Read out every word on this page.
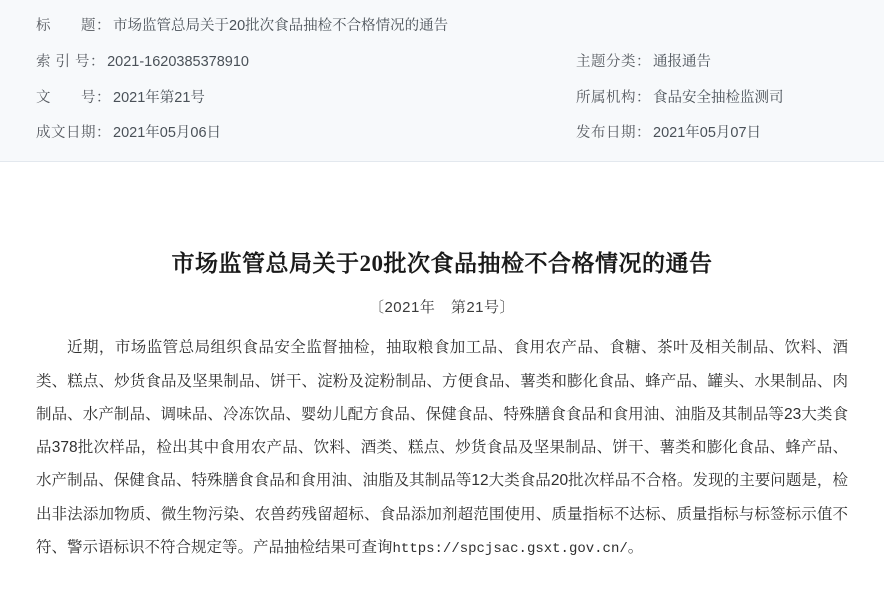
标　　题： 市场监管总局关于20批次食品抽检不合格情况的通告
索 引 号： 2021-1620385378910	主题分类： 通报通告
文　　号： 2021年第21号	所属机构： 食品安全抽检监测司
成文日期： 2021年05月06日	发布日期： 2021年05月07日
市场监管总局关于20批次食品抽检不合格情况的通告
〔2021年　第21号〕

近期，市场监管总局组织食品安全监督抽检，抽取粮食加工品、食用农产品、食糖、茶叶及相关制品、饮料、酒类、糕点、炒货食品及坚果制品、饼干、淀粉及淀粉制品、方便食品、薯类和膨化食品、蜂产品、罐头、水果制品、肉制品、水产制品、调味品、冷冻饮品、婴幼儿配方食品、保健食品、特殊膳食食品和食用油、油脂及其制品等23大类食品378批次样品，检出其中食用农产品、饮料、酒类、糕点、炒货食品及坚果制品、饼干、薯类和膨化食品、蜂产品、水产制品、保健食品、特殊膳食食品和食用油、油脂及其制品等12大类食品20批次样品不合格。发现的主要问题是，检出非法添加物质、微生物污染、农兽药残留超标、食品添加剂超范围使用、质量指标不达标、质量指标与标签标示值不符、警示语标识不符合规定等。产品抽检结果可查询https://spcjsac.gsxt.gov.cn/。
